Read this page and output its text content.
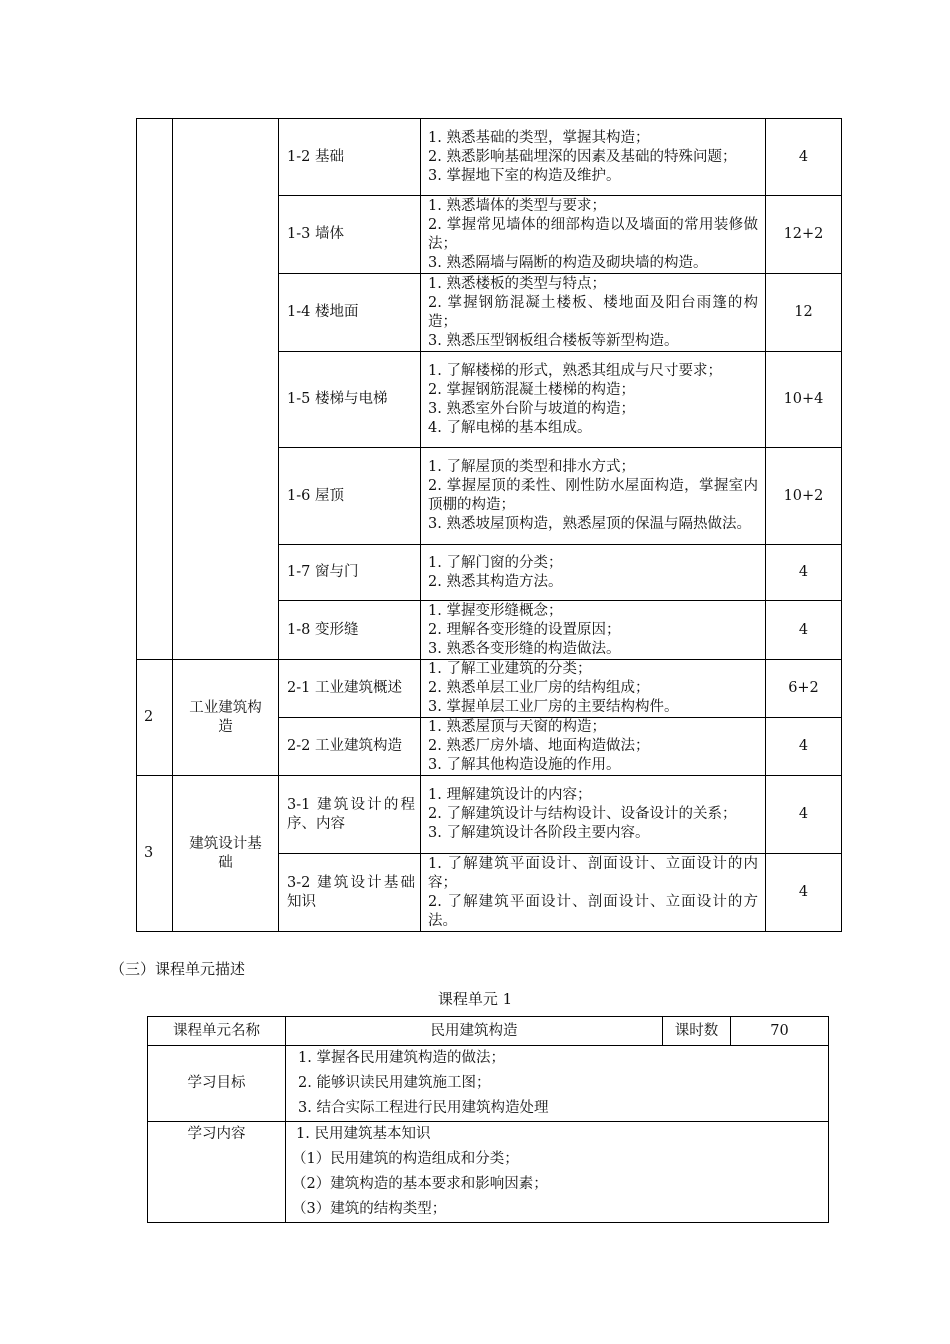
		1-2 基础	1. 熟悉基础的类型，掌握其构造；
2. 熟悉影响基础埋深的因素及基础的特殊问题；
3. 掌握地下室的构造及维护。	4
		1-3 墙体	1. 熟悉墙体的类型与要求；
2. 掌握常见墙体的细部构造以及墙面的常用装修做法；
3. 熟悉隔墙与隔断的构造及砌块墙的构造。	12+2
		1-4 楼地面	1. 熟悉楼板的类型与特点；
2. 掌握钢筋混凝土楼板、楼地面及阳台雨篷的构造；
3. 熟悉压型钢板组合楼板等新型构造。	12
		1-5 楼梯与电梯	1. 了解楼梯的形式，熟悉其组成与尺寸要求；
2. 掌握钢筋混凝土楼梯的构造；
3. 熟悉室外台阶与坡道的构造；
4. 了解电梯的基本组成。	10+4
		1-6 屋顶	1. 了解屋顶的类型和排水方式；
2. 掌握屋顶的柔性、刚性防水屋面构造，掌握室内顶棚的构造；
3. 熟悉坡屋顶构造，熟悉屋顶的保温与隔热做法。	10+2
		1-7 窗与门	1. 了解门窗的分类；
2. 熟悉其构造方法。	4
		1-8 变形缝	1. 掌握变形缝概念；
2. 理解各变形缝的设置原因；
3. 熟悉各变形缝的构造做法。	4
2	工业建筑构造	2-1 工业建筑概述	1. 了解工业建筑的分类；
2. 熟悉单层工业厂房的结构组成；
3. 掌握单层工业厂房的主要结构构件。	6+2

		2-2 工业建筑构造	1. 熟悉屋顶与天窗的构造；
2. 熟悉厂房外墙、地面构造做法；
3. 了解其他构造设施的作用。	4
3	建筑设计基础	3-1 建筑设计的程序、内容	1. 理解建筑设计的内容；
2. 了解建筑设计与结构设计、设备设计的关系；
3. 了解建筑设计各阶段主要内容。	4

		3-2 建筑设计基础知识	1. 了解建筑平面设计、剖面设计、立面设计的内容；
2. 了解建筑平面设计、剖面设计、立面设计的方法。	4
（三）课程单元描述
课程单元 1
课程单元名称	民用建筑构造	课时数	70
学习目标	1. 掌握各民用建筑构造的做法；
2. 能够识读民用建筑施工图；
3. 结合实际工程进行民用建筑构造处理		

学习内容	1. 民用建筑基本知识
（1）民用建筑的构造组成和分类；
（2）建筑构造的基本要求和影响因素；
（3）建筑的结构类型；		
